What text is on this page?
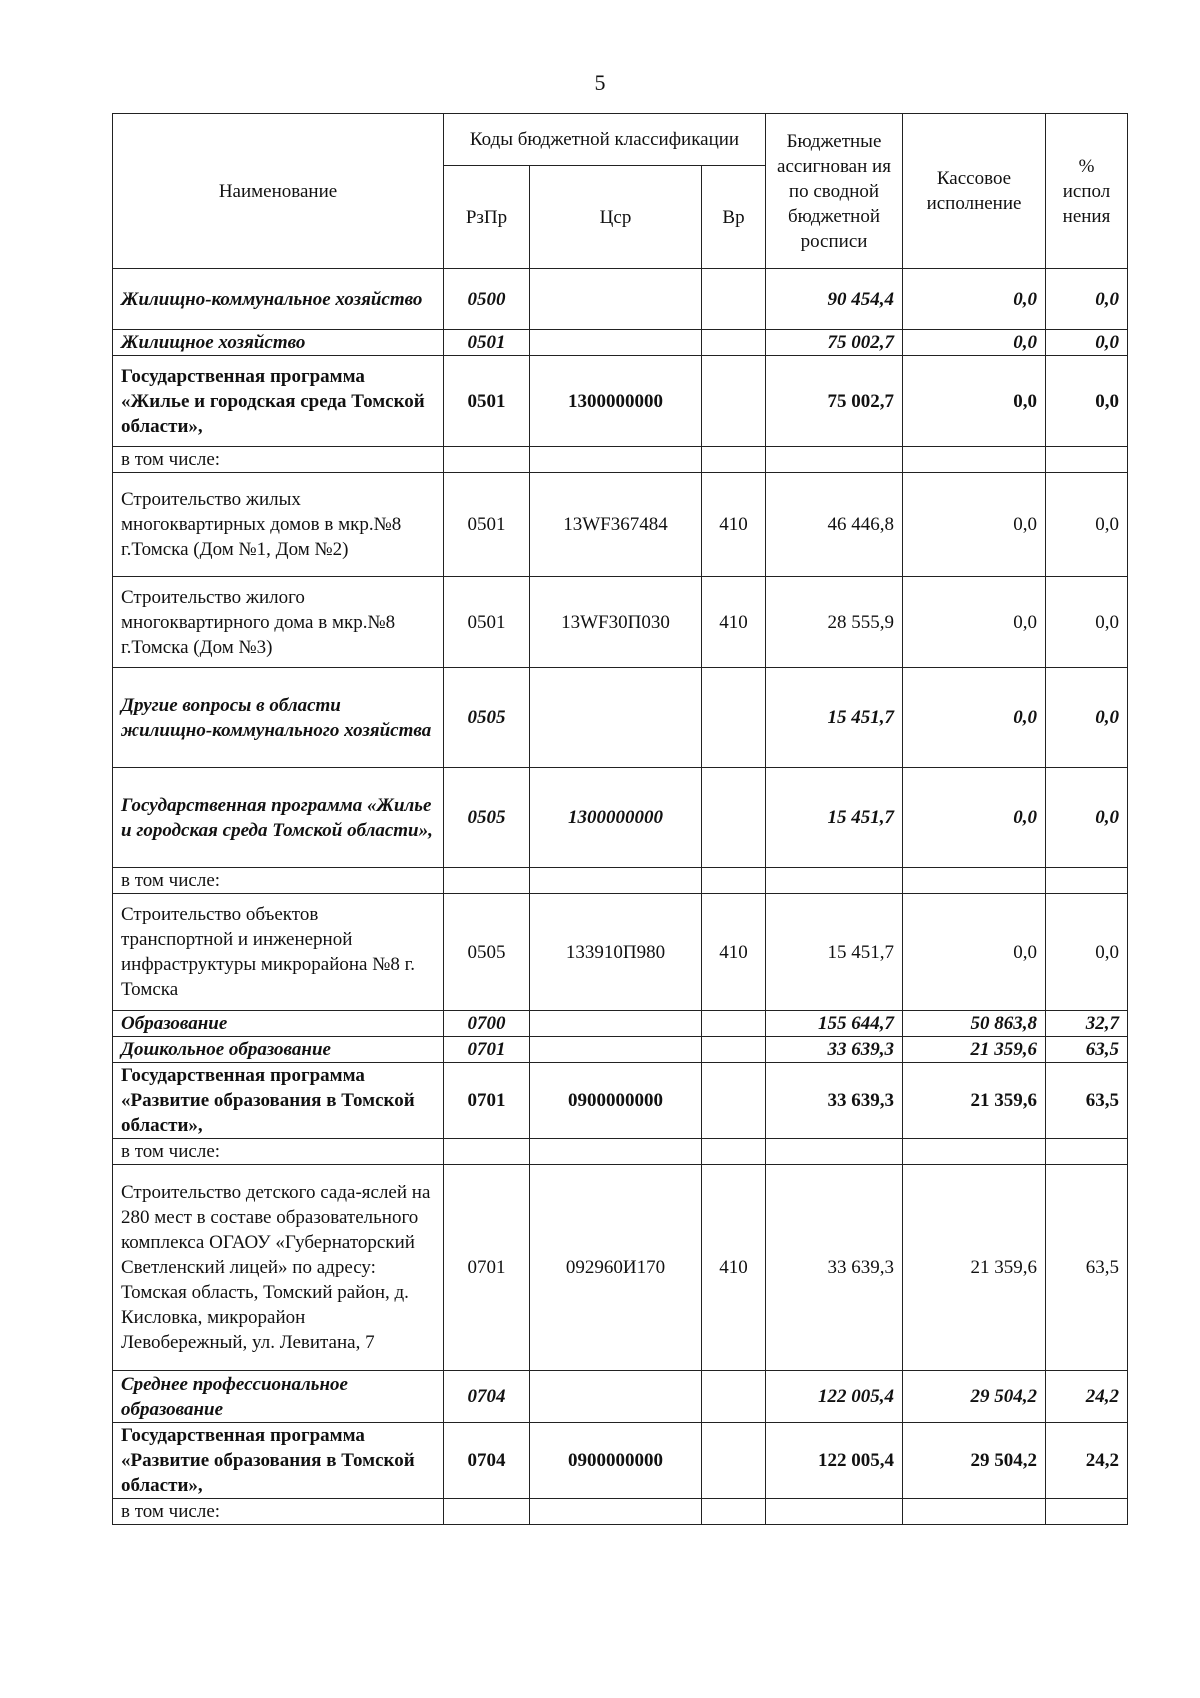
5
Наименование	Коды бюджетной классификации			Бюджетные ассигнован ия по сводной бюджетной росписи	Кассовое исполнение	% испол нения
	РзПр	Цср	Вр			
Жилищно-коммунальное хозяйство	0500			90 454,4	0,0	0,0
Жилищное хозяйство	0501			75 002,7	0,0	0,0
Государственная программа «Жилье и городская среда Томской области»,	0501	1300000000		75 002,7	0,0	0,0
в том числе:						
Строительство жилых многоквартирных домов в мкр.№8 г.Томска (Дом №1, Дом №2)	0501	13WF367484	410	46 446,8	0,0	0,0
Строительство жилого многоквартирного дома в мкр.№8 г.Томска (Дом №3)	0501	13WF30П030	410	28 555,9	0,0	0,0
Другие вопросы в области жилищно-коммунального хозяйства	0505			15 451,7	0,0	0,0
Государственная программа «Жилье и городская среда Томской области»,	0505	1300000000		15 451,7	0,0	0,0
в том числе:						
Строительство объектов транспортной и инженерной инфраструктуры микрорайона №8 г. Томска	0505	133910П980	410	15 451,7	0,0	0,0
Образование	0700			155 644,7	50 863,8	32,7
Дошкольное образование	0701			33 639,3	21 359,6	63,5
Государственная программа «Развитие образования в Томской области»,	0701	0900000000		33 639,3	21 359,6	63,5
в том числе:						
Строительство детского сада-яслей на 280 мест в составе образовательного комплекса ОГАОУ «Губернаторский Светленский лицей» по адресу: Томская область, Томский район, д. Кисловка, микрорайон Левобережный, ул. Левитана, 7	0701	092960И170	410	33 639,3	21 359,6	63,5
Среднее профессиональное образование	0704			122 005,4	29 504,2	24,2
Государственная программа «Развитие образования в Томской области»,	0704	0900000000		122 005,4	29 504,2	24,2
в том числе:						
